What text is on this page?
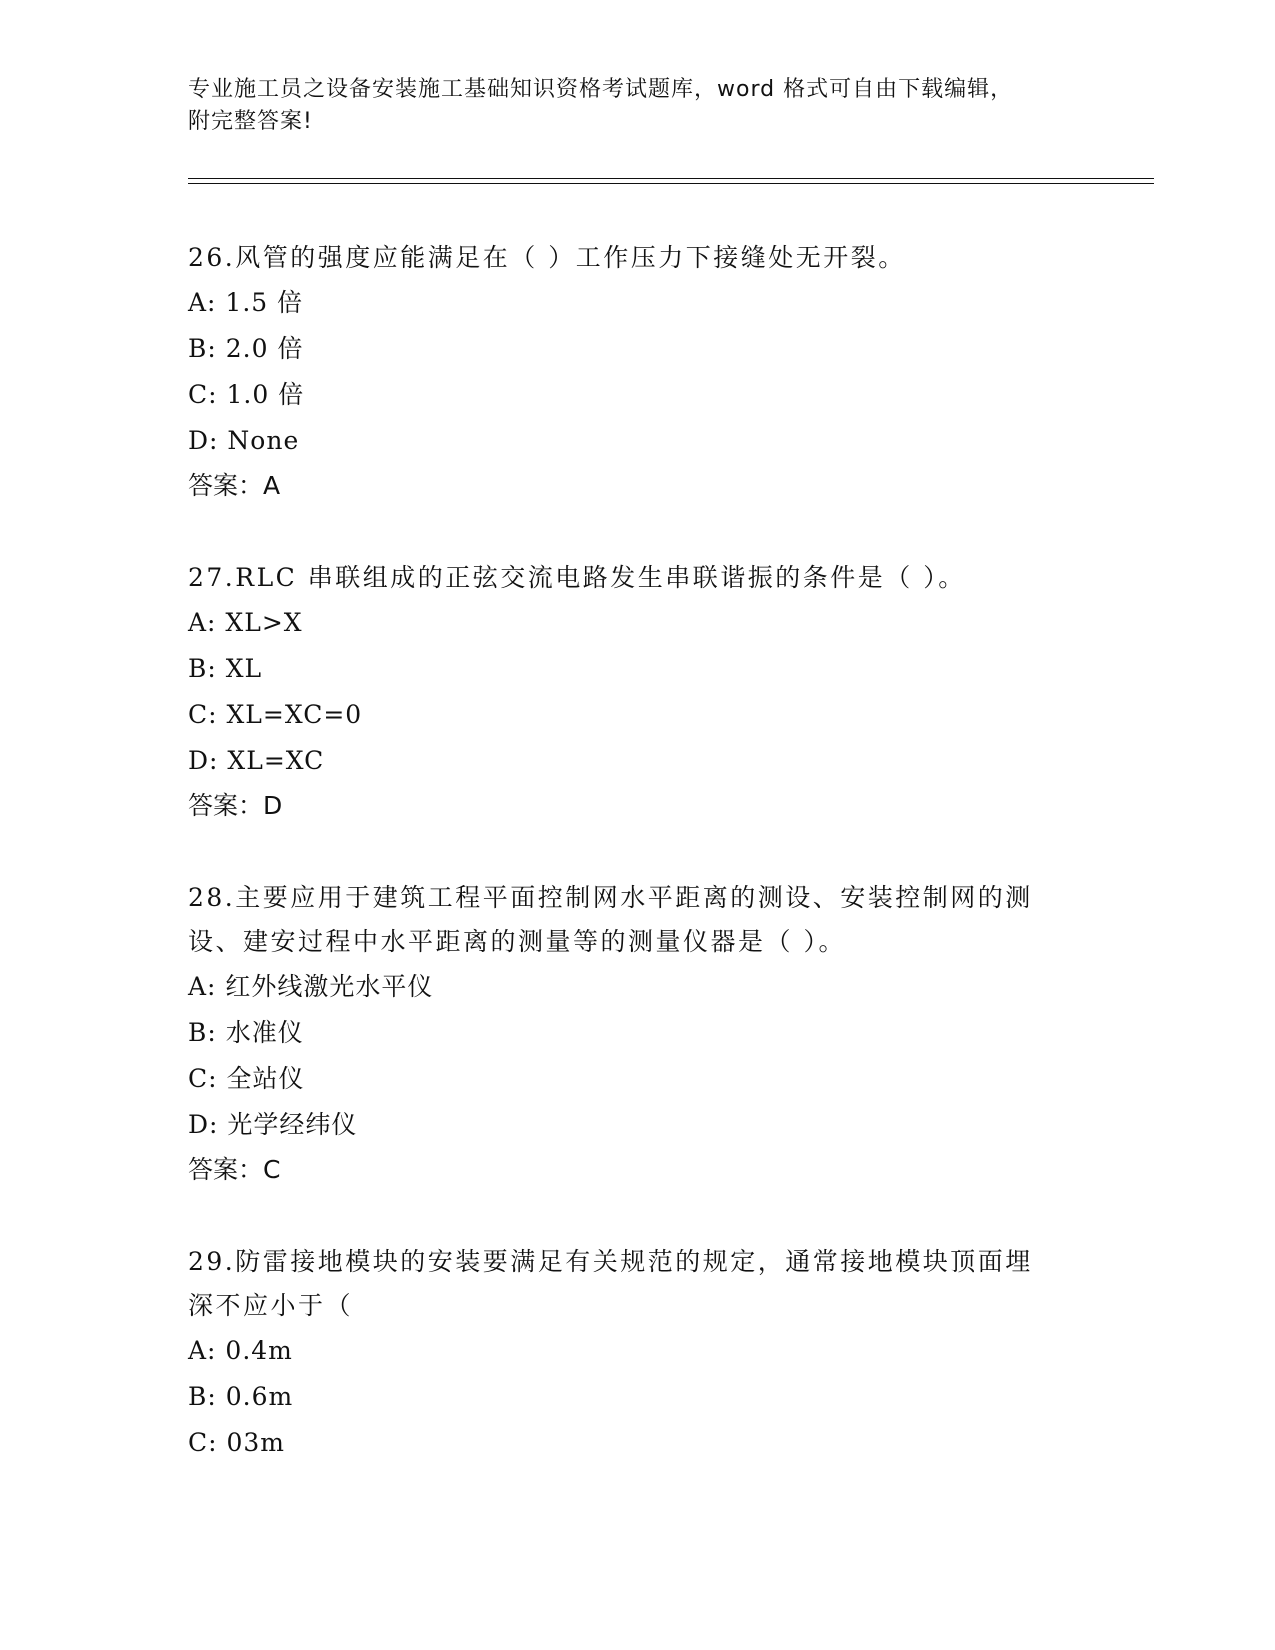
专业施工员之设备安装施工基础知识资格考试题库，word 格式可自由下载编辑，
附完整答案!

26.风管的强度应能满足在（ ）工作压力下接缝处无开裂。

A: 1.5 倍

B: 2.0 倍

C: 1.0 倍

D: None

答案：A

27.RLC 串联组成的正弦交流电路发生串联谐振的条件是（ ）。

A: XL>X

B: XL

C: XL=XC=0

D: XL=XC

答案：D

28.主要应用于建筑工程平面控制网水平距离的测设、安装控制网的测

设、建安过程中水平距离的测量等的测量仪器是（ ）。

A: 红外线激光水平仪

B: 水准仪

C: 全站仪

D: 光学经纬仪

答案：C

29.防雷接地模块的安装要满足有关规范的规定，通常接地模块顶面埋

深不应小于（

A: 0.4m

B: 0.6m

C: 03m
